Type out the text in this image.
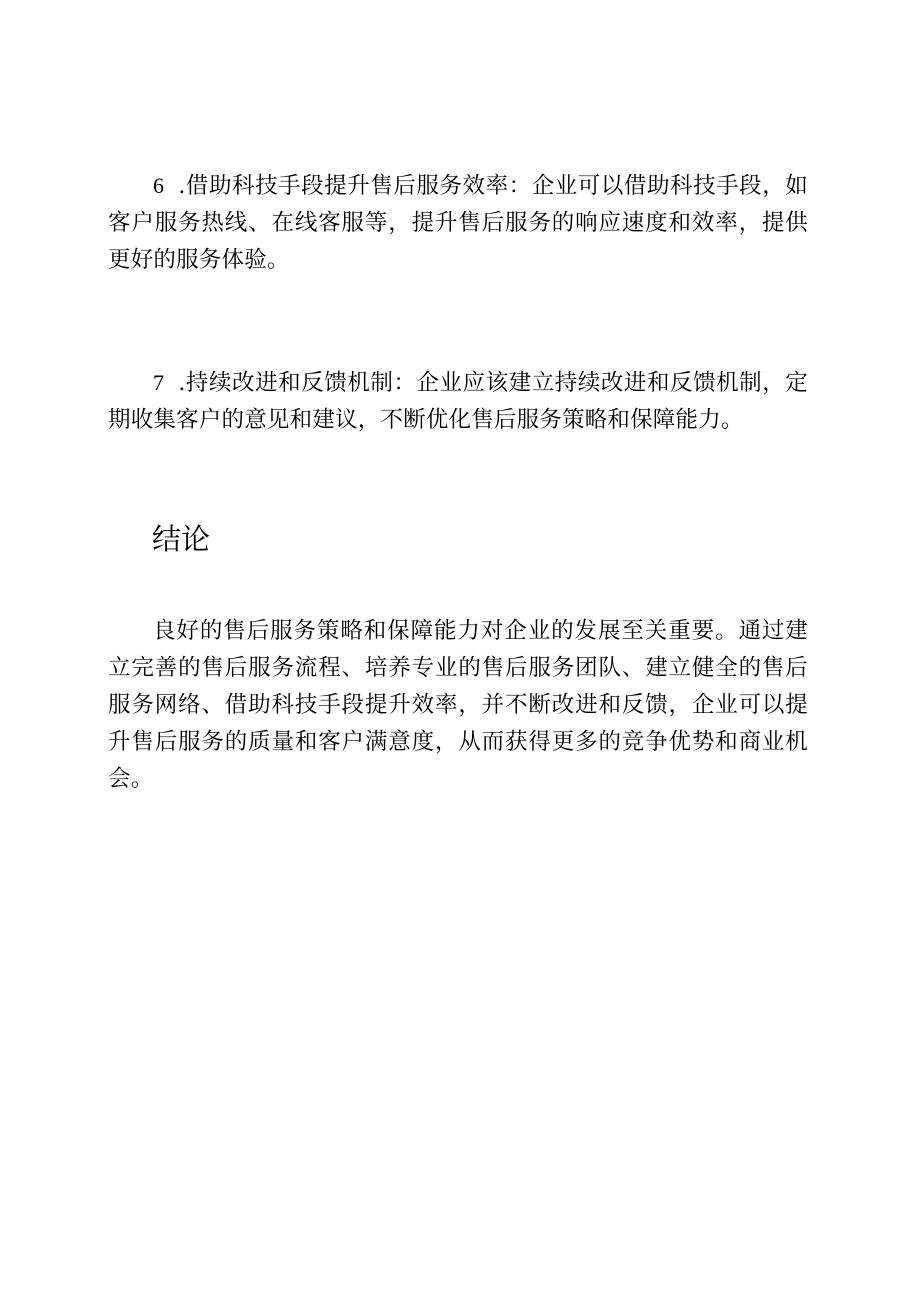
6 .借助科技手段提升售后服务效率：企业可以借助科技手段，如客户服务热线、在线客服等，提升售后服务的响应速度和效率，提供更好的服务体验。

7 .持续改进和反馈机制：企业应该建立持续改进和反馈机制，定期收集客户的意见和建议，不断优化售后服务策略和保障能力。

结论

良好的售后服务策略和保障能力对企业的发展至关重要。通过建立完善的售后服务流程、培养专业的售后服务团队、建立健全的售后服务网络、借助科技手段提升效率，并不断改进和反馈，企业可以提升售后服务的质量和客户满意度，从而获得更多的竞争优势和商业机会。
